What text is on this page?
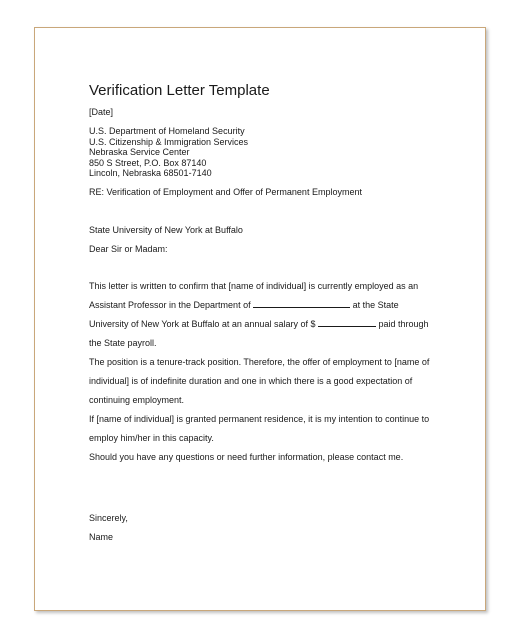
Verification Letter Template
[Date]
U.S. Department of Homeland Security
U.S. Citizenship & Immigration Services
Nebraska Service Center
850 S Street, P.O. Box 87140
Lincoln, Nebraska 68501-7140
RE: Verification of Employment and Offer of Permanent Employment
State University of New York at Buffalo
Dear Sir or Madam:
This letter is written to confirm that [name of individual] is currently employed as an Assistant Professor in the Department of	at the State University of New York at Buffalo at an annual salary of $	paid through the State payroll.
The position is a tenure-track position. Therefore, the offer of employment to [name of individual] is of indefinite duration and one in which there is a good expectation of continuing employment.
If [name of individual] is granted permanent residence, it is my intention to continue to employ him/her in this capacity.
Should you have any questions or need further information, please contact me.
Sincerely,
Name
